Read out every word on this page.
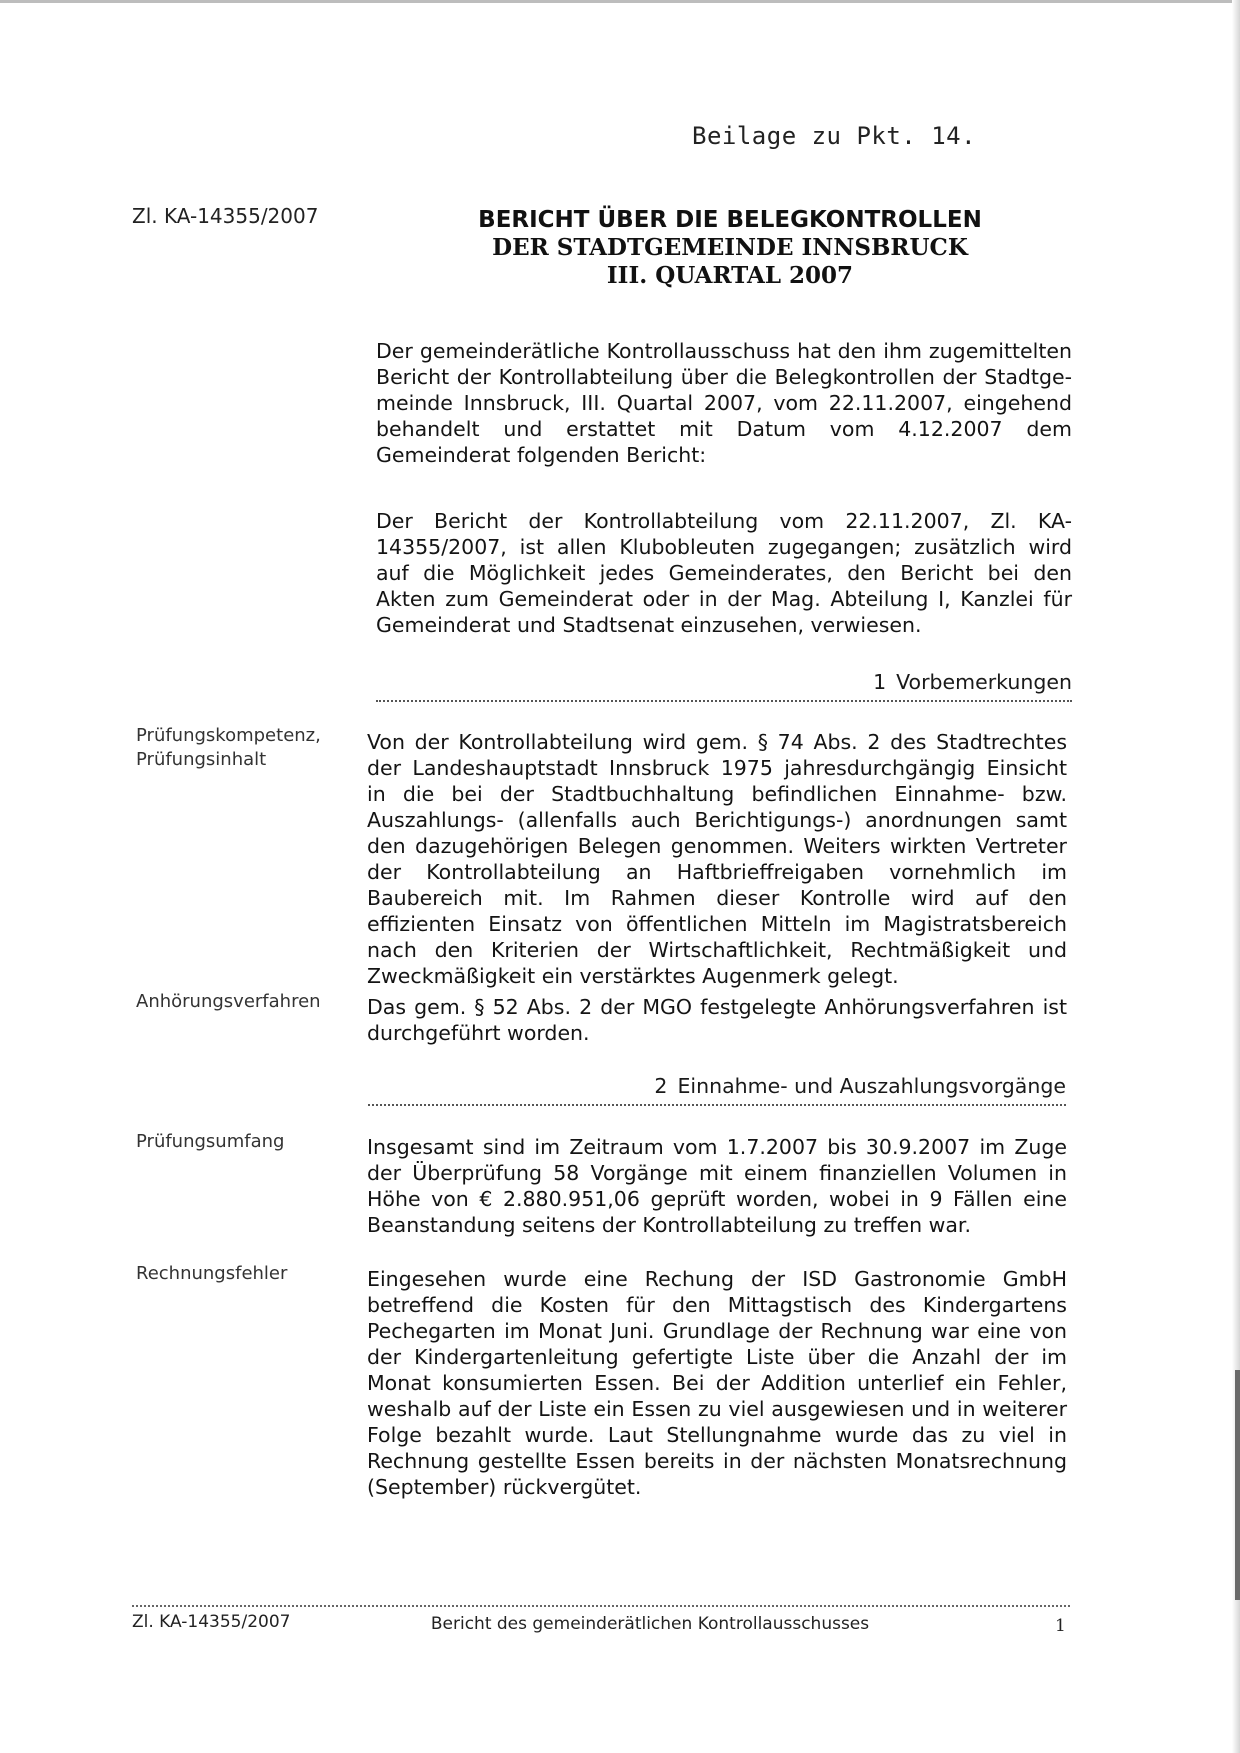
Beilage zu Pkt. 14.
Zl. KA-14355/2007	BERICHT ÜBER DIE BELEGKONTROLLEN
DER STADTGEMEINDE INNSBRUCK
III. QUARTAL 2007

Der gemeinderätliche Kontrollausschuss hat den ihm zugemittelten Bericht der Kontrollabteilung über die Belegkontrollen der Stadtgemeinde Innsbruck, III. Quartal 2007, vom 22.11.2007, eingehend behandelt und erstattet mit Datum vom 4.12.2007 dem Gemeinderat folgenden Bericht:

Der Bericht der Kontrollabteilung vom 22.11.2007, Zl. KA-14355/2007, ist allen Klubobleuten zugegangen; zusätzlich wird auf die Möglichkeit jedes Gemeinderates, den Bericht bei den Akten zum Gemeinderat oder in der Mag. Abteilung I, Kanzlei für Gemeinderat und Stadtsenat einzusehen, verwiesen.

1 Vorbemerkungen
Prüfungskompetenz,
Prüfungsinhalt

Von der Kontrollabteilung wird gem. § 74 Abs. 2 des Stadtrechtes der Landeshauptstadt Innsbruck 1975 jahresdurchgängig Einsicht in die bei der Stadtbuchhaltung befindlichen Einnahme- bzw. Auszahlungs- (allenfalls auch Berichtigungs-) anordnungen samt den dazugehörigen Belegen genommen. Weiters wirkten Vertreter der Kontrollabteilung an Haftbrieffreigaben vornehmlich im Baubereich mit. Im Rahmen dieser Kontrolle wird auf den effizienten Einsatz von öffentlichen Mitteln im Magistratsbereich nach den Kriterien der Wirtschaftlichkeit, Rechtmäßigkeit und Zweckmäßigkeit ein verstärktes Augenmerk gelegt.

Anhörungsverfahren Das gem. § 52 Abs. 2 der MGO festgelegte Anhörungsverfahren ist durchgeführt worden.

2 Einnahme- und Auszahlungsvorgänge
Prüfungsumfang	Insgesamt sind im Zeitraum vom 1.7.2007 bis 30.9.2007 im Zuge der Überprüfung 58 Vorgänge mit einem finanziellen Volumen in Höhe von € 2.880.951,06 geprüft worden, wobei in 9 Fällen eine Beanstandung seitens der Kontrollabteilung zu treffen war.

Rechnungsfehler	Eingesehen wurde eine Rechung der ISD Gastronomie GmbH betreffend die Kosten für den Mittagstisch des Kindergartens Pechegarten im Monat Juni. Grundlage der Rechnung war eine von der Kindergartenleitung gefertigte Liste über die Anzahl der im Monat konsumierten Essen. Bei der Addition unterlief ein Fehler, weshalb auf der Liste ein Essen zu viel ausgewiesen und in weiterer Folge bezahlt wurde. Laut Stellungnahme wurde das zu viel in Rechnung gestellte Essen bereits in der nächsten Monatsrechnung (September) rückvergütet.

Zl. KA-14355/2007	Bericht des gemeinderätlichen Kontrollausschusses	1
